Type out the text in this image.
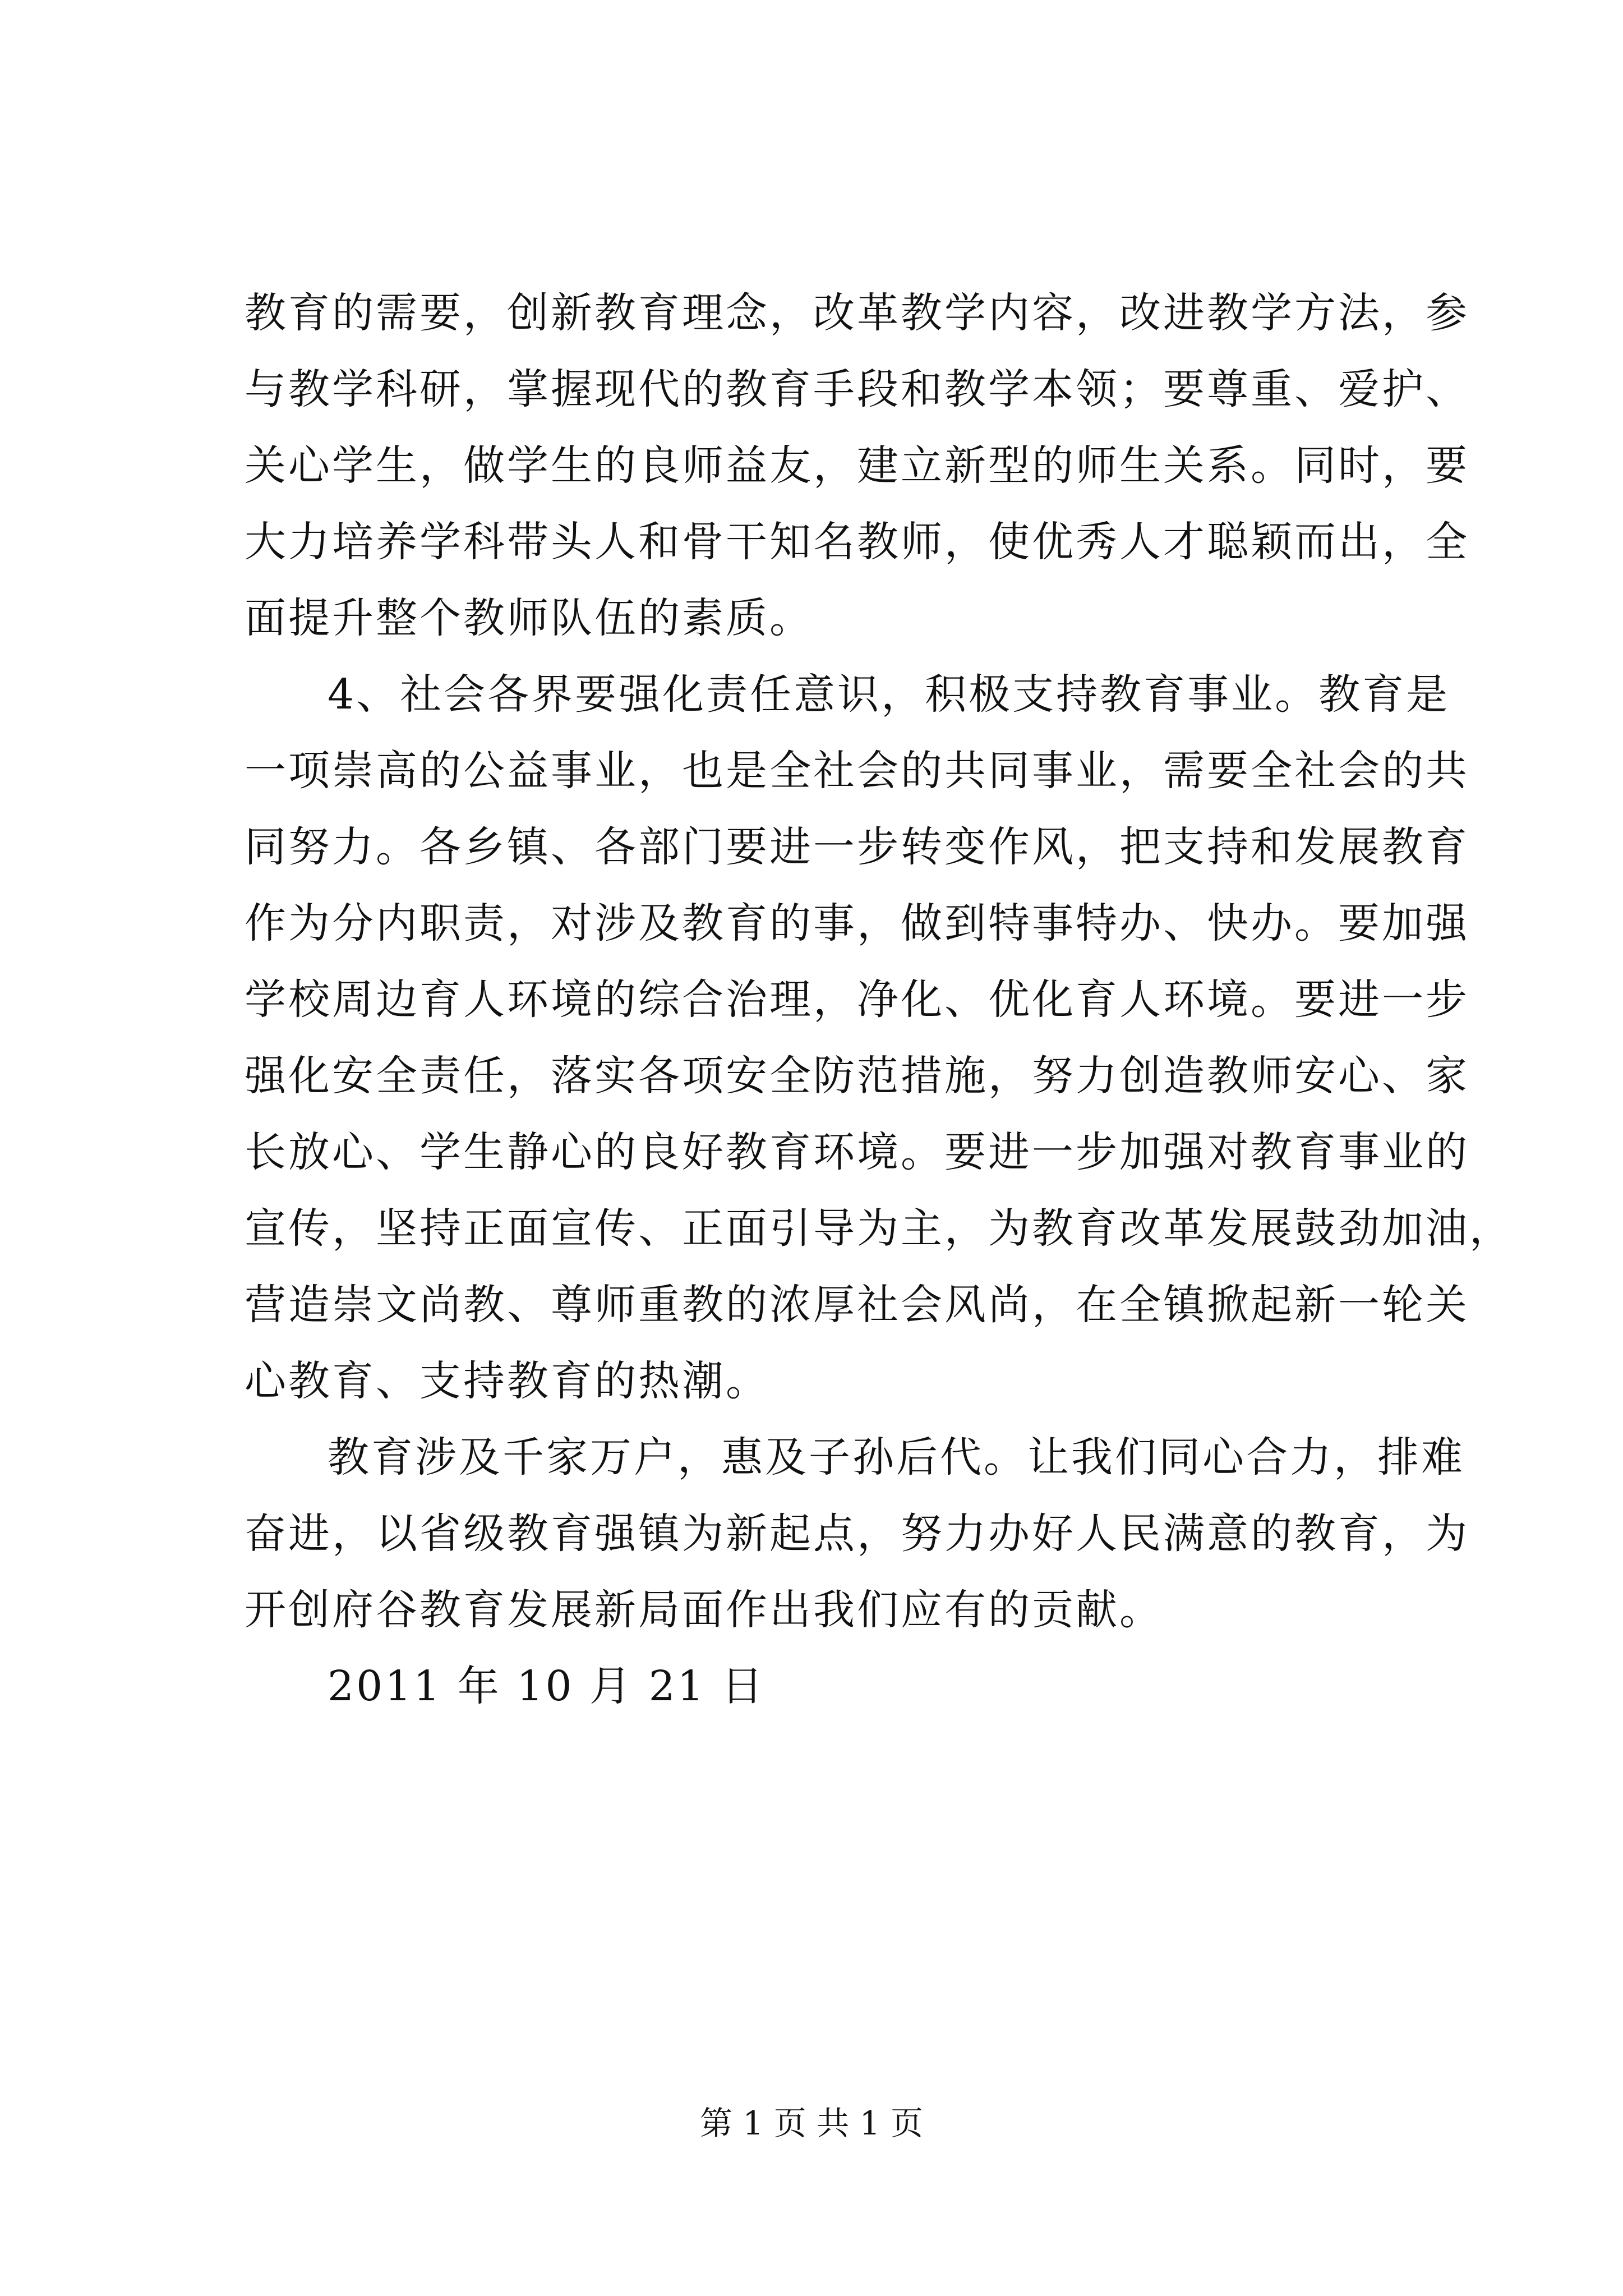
教育的需要，创新教育理念，改革教学内容，改进教学方法，参
与教学科研，掌握现代的教育手段和教学本领；要尊重、爱护、
关心学生，做学生的良师益友，建立新型的师生关系。同时，要
大力培养学科带头人和骨干知名教师，使优秀人才聪颖而出，全
面提升整个教师队伍的素质。
4、社会各界要强化责任意识，积极支持教育事业。教育是
一项崇高的公益事业，也是全社会的共同事业，需要全社会的共
同努力。各乡镇、各部门要进一步转变作风，把支持和发展教育
作为分内职责，对涉及教育的事，做到特事特办、快办。要加强
学校周边育人环境的综合治理，净化、优化育人环境。要进一步
强化安全责任，落实各项安全防范措施，努力创造教师安心、家
长放心、学生静心的良好教育环境。要进一步加强对教育事业的
宣传，坚持正面宣传、正面引导为主，为教育改革发展鼓劲加油，
营造崇文尚教、尊师重教的浓厚社会风尚，在全镇掀起新一轮关
心教育、支持教育的热潮。
教育涉及千家万户，惠及子孙后代。让我们同心合力，排难
奋进，以省级教育强镇为新起点，努力办好人民满意的教育，为
开创府谷教育发展新局面作出我们应有的贡献。
2011 年 10 月 21 日
第 1 页 共 1 页
